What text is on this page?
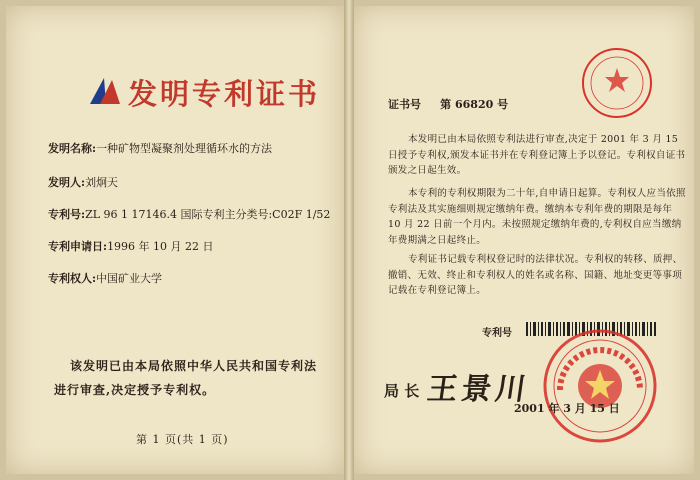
发明专利证书
发明名称:一种矿物型凝聚剂处理循环水的方法
发明人:刘炯天
专利号:ZL 96 1 17146.4 国际专利主分类号:C02F 1/52
专利申请日:1996 年 10 月 22 日
专利权人:中国矿业大学
该发明已由本局依照中华人民共和国专利法进行审查,决定授予专利权。
第 1 页(共 1 页)
证书号 第 66820 号
本发明已由本局依照专利法进行审查,决定于 2001 年 3 月 15 日授予专利权,颁发本证书并在专利登记簿上予以登记。专利权自证书颁发之日起生效。
本专利的专利权期限为二十年,自申请日起算。专利权人应当依照专利法及其实施细则规定缴纳年费。缴纳本专利年费的期限是每年 10 月 22 日前一个月内。未按照规定缴纳年费的,专利权自应当缴纳年费期满之日起终止。
专利证书记载专利权登记时的法律状况。专利权的转移、质押、撤销、无效、终止和专利权人的姓名或名称、国籍、地址变更等事项记载在专利登记簿上。
专利号
局 长 王景川
2001 年 3 月 15 日
